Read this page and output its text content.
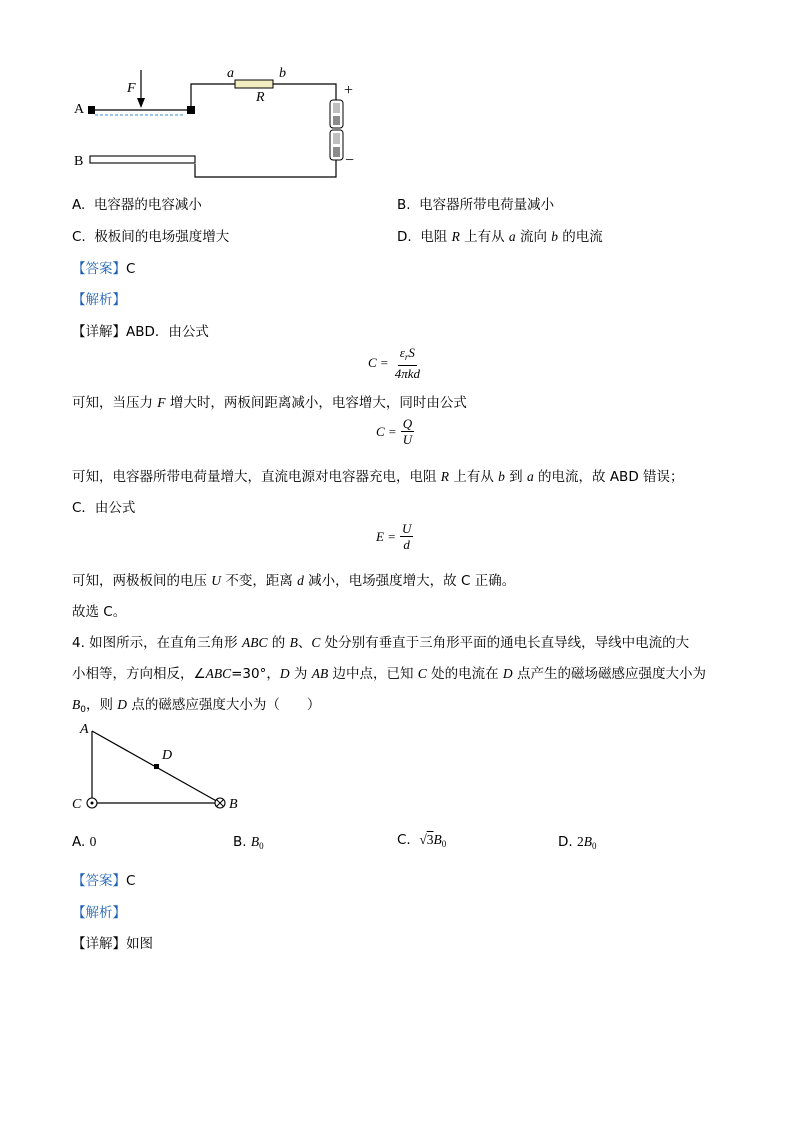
a	b
R
F
A
B
+
−
A. 电容器的电容减小	B. 电容器所带电荷量减小
C. 极板间的电场强度增大	D. 电阻 R 上有从 a 流向 b 的电流
【答案】C
【解析】
【详解】ABD．由公式
$C = \frac{\varepsilon_rS}{\text{4πkd}}$
可知，当压力 F 增大时，两板间距离减小，电容增大，同时由公式
$C = \frac{Q}{U}$
可知，电容器所带电荷量增大，直流电源对电容器充电，电阻 R 上有从 b 到 a 的电流，故 ABD 错误；
C．由公式
$E = \frac{U}{d}$
可知，两极板间的电压 U 不变，距离 d 减小，电场强度增大，故 C 正确。
故选 C。
4. 如图所示，在直角三角形 ABC 的 B、C 处分别有垂直于三角形平面的通电长直导线，导线中电流的大
小相等，方向相反，∠ABC=30°，D 为 AB 边中点，已知 C 处的电流在 D 点产生的磁场磁感应强度大小为
$B_0$，则 D 点的磁感应强度大小为（　　）
A
C	B
D
A. 0	B. $B_0$	C. $√3B_0$	D. $2B_0$
【答案】C
【解析】
【详解】如图
